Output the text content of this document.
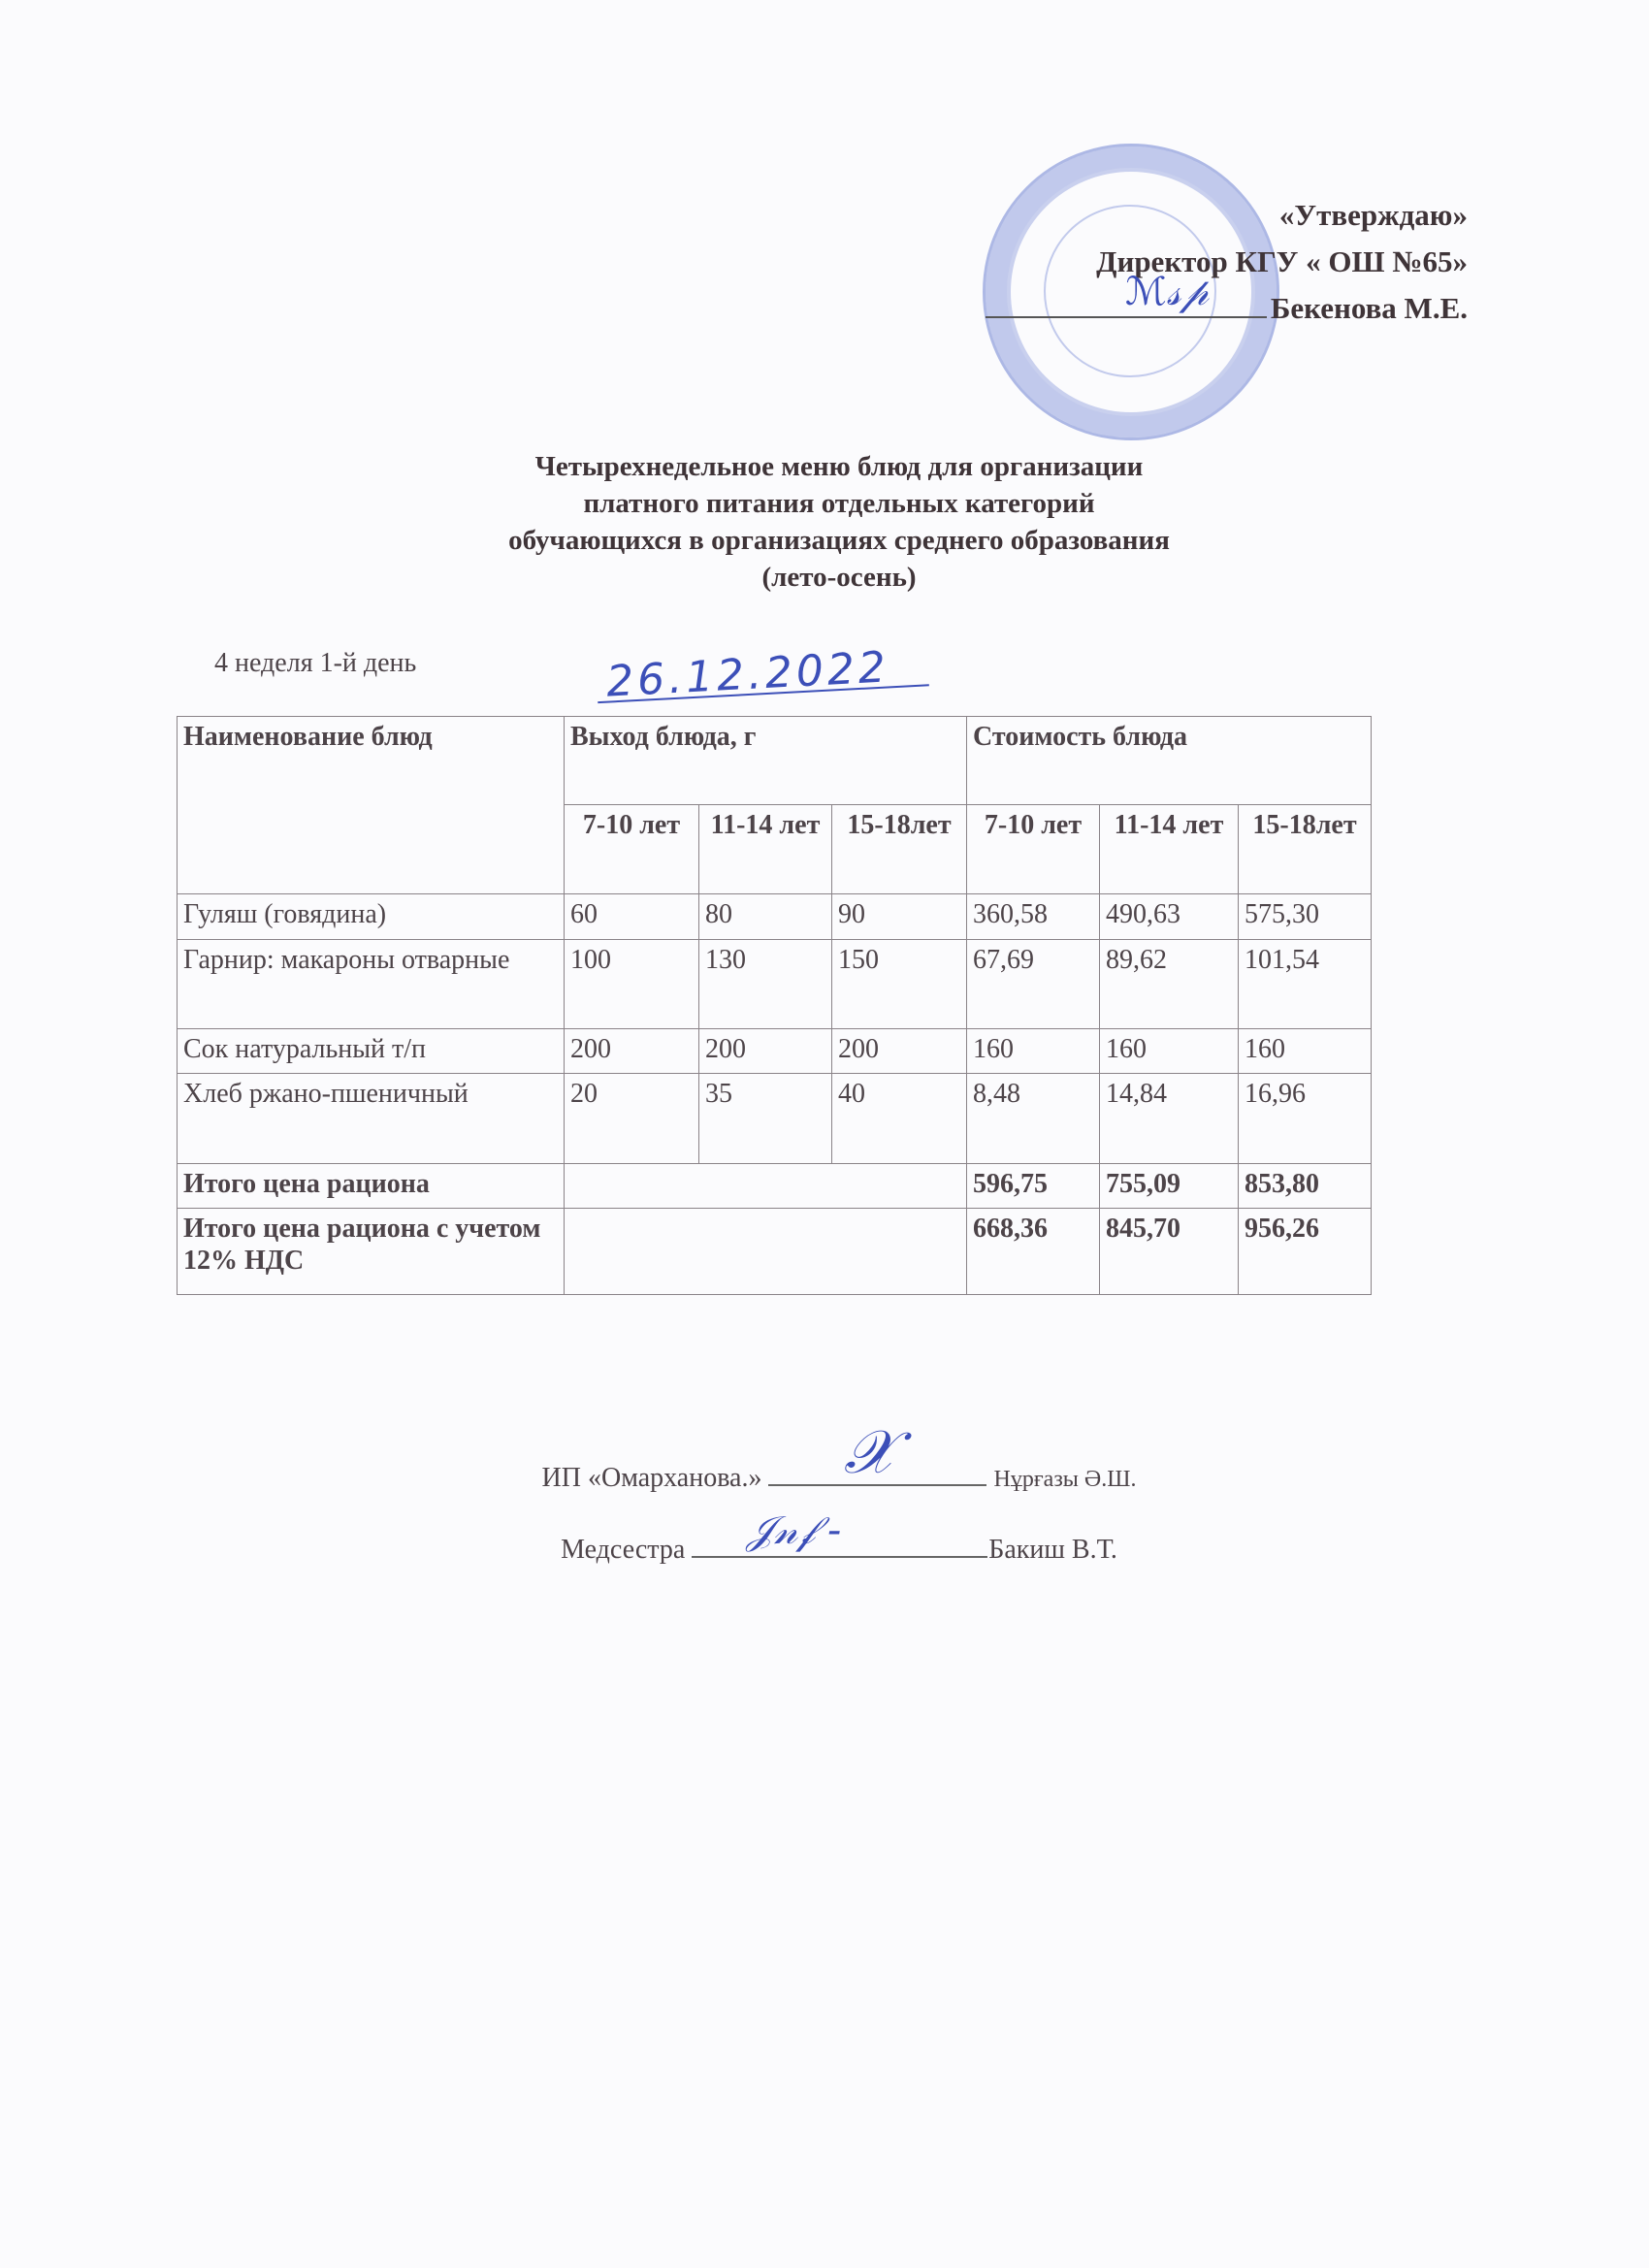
«Утверждаю»
Директор КГУ « ОШ №65»
Бекенова М.Е.
ℳ𝓈𝓅
Четырехнедельное меню блюд для организации
платного питания отдельных категорий
обучающихся в организациях среднего образования
(лето-осень)
4 неделя 1-й день	26.12.2022
Наименование блюд	Выход блюда, г			Стоимость блюда		
	7-10 лет	11-14 лет	15-18лет	7-10 лет	11-14 лет	15-18лет
Гуляш (говядина)	60	80	90	360,58	490,63	575,30
Гарнир: макароны отварные	100	130	150	67,69	89,62	101,54
Сок натуральный т/п	200	200	200	160	160	160
Хлеб ржано-пшеничный	20	35	40	8,48	14,84	16,96
Итого цена рациона				596,75	755,09	853,80
Итого цена рациона с учетом 12% НДС				668,36	845,70	956,26
ИП «Омарханова.»	Нұрғазы Ә.Ш.
𝒳
Медсестра	Бакиш В.Т.
𝒥𝓃𝒻 -
